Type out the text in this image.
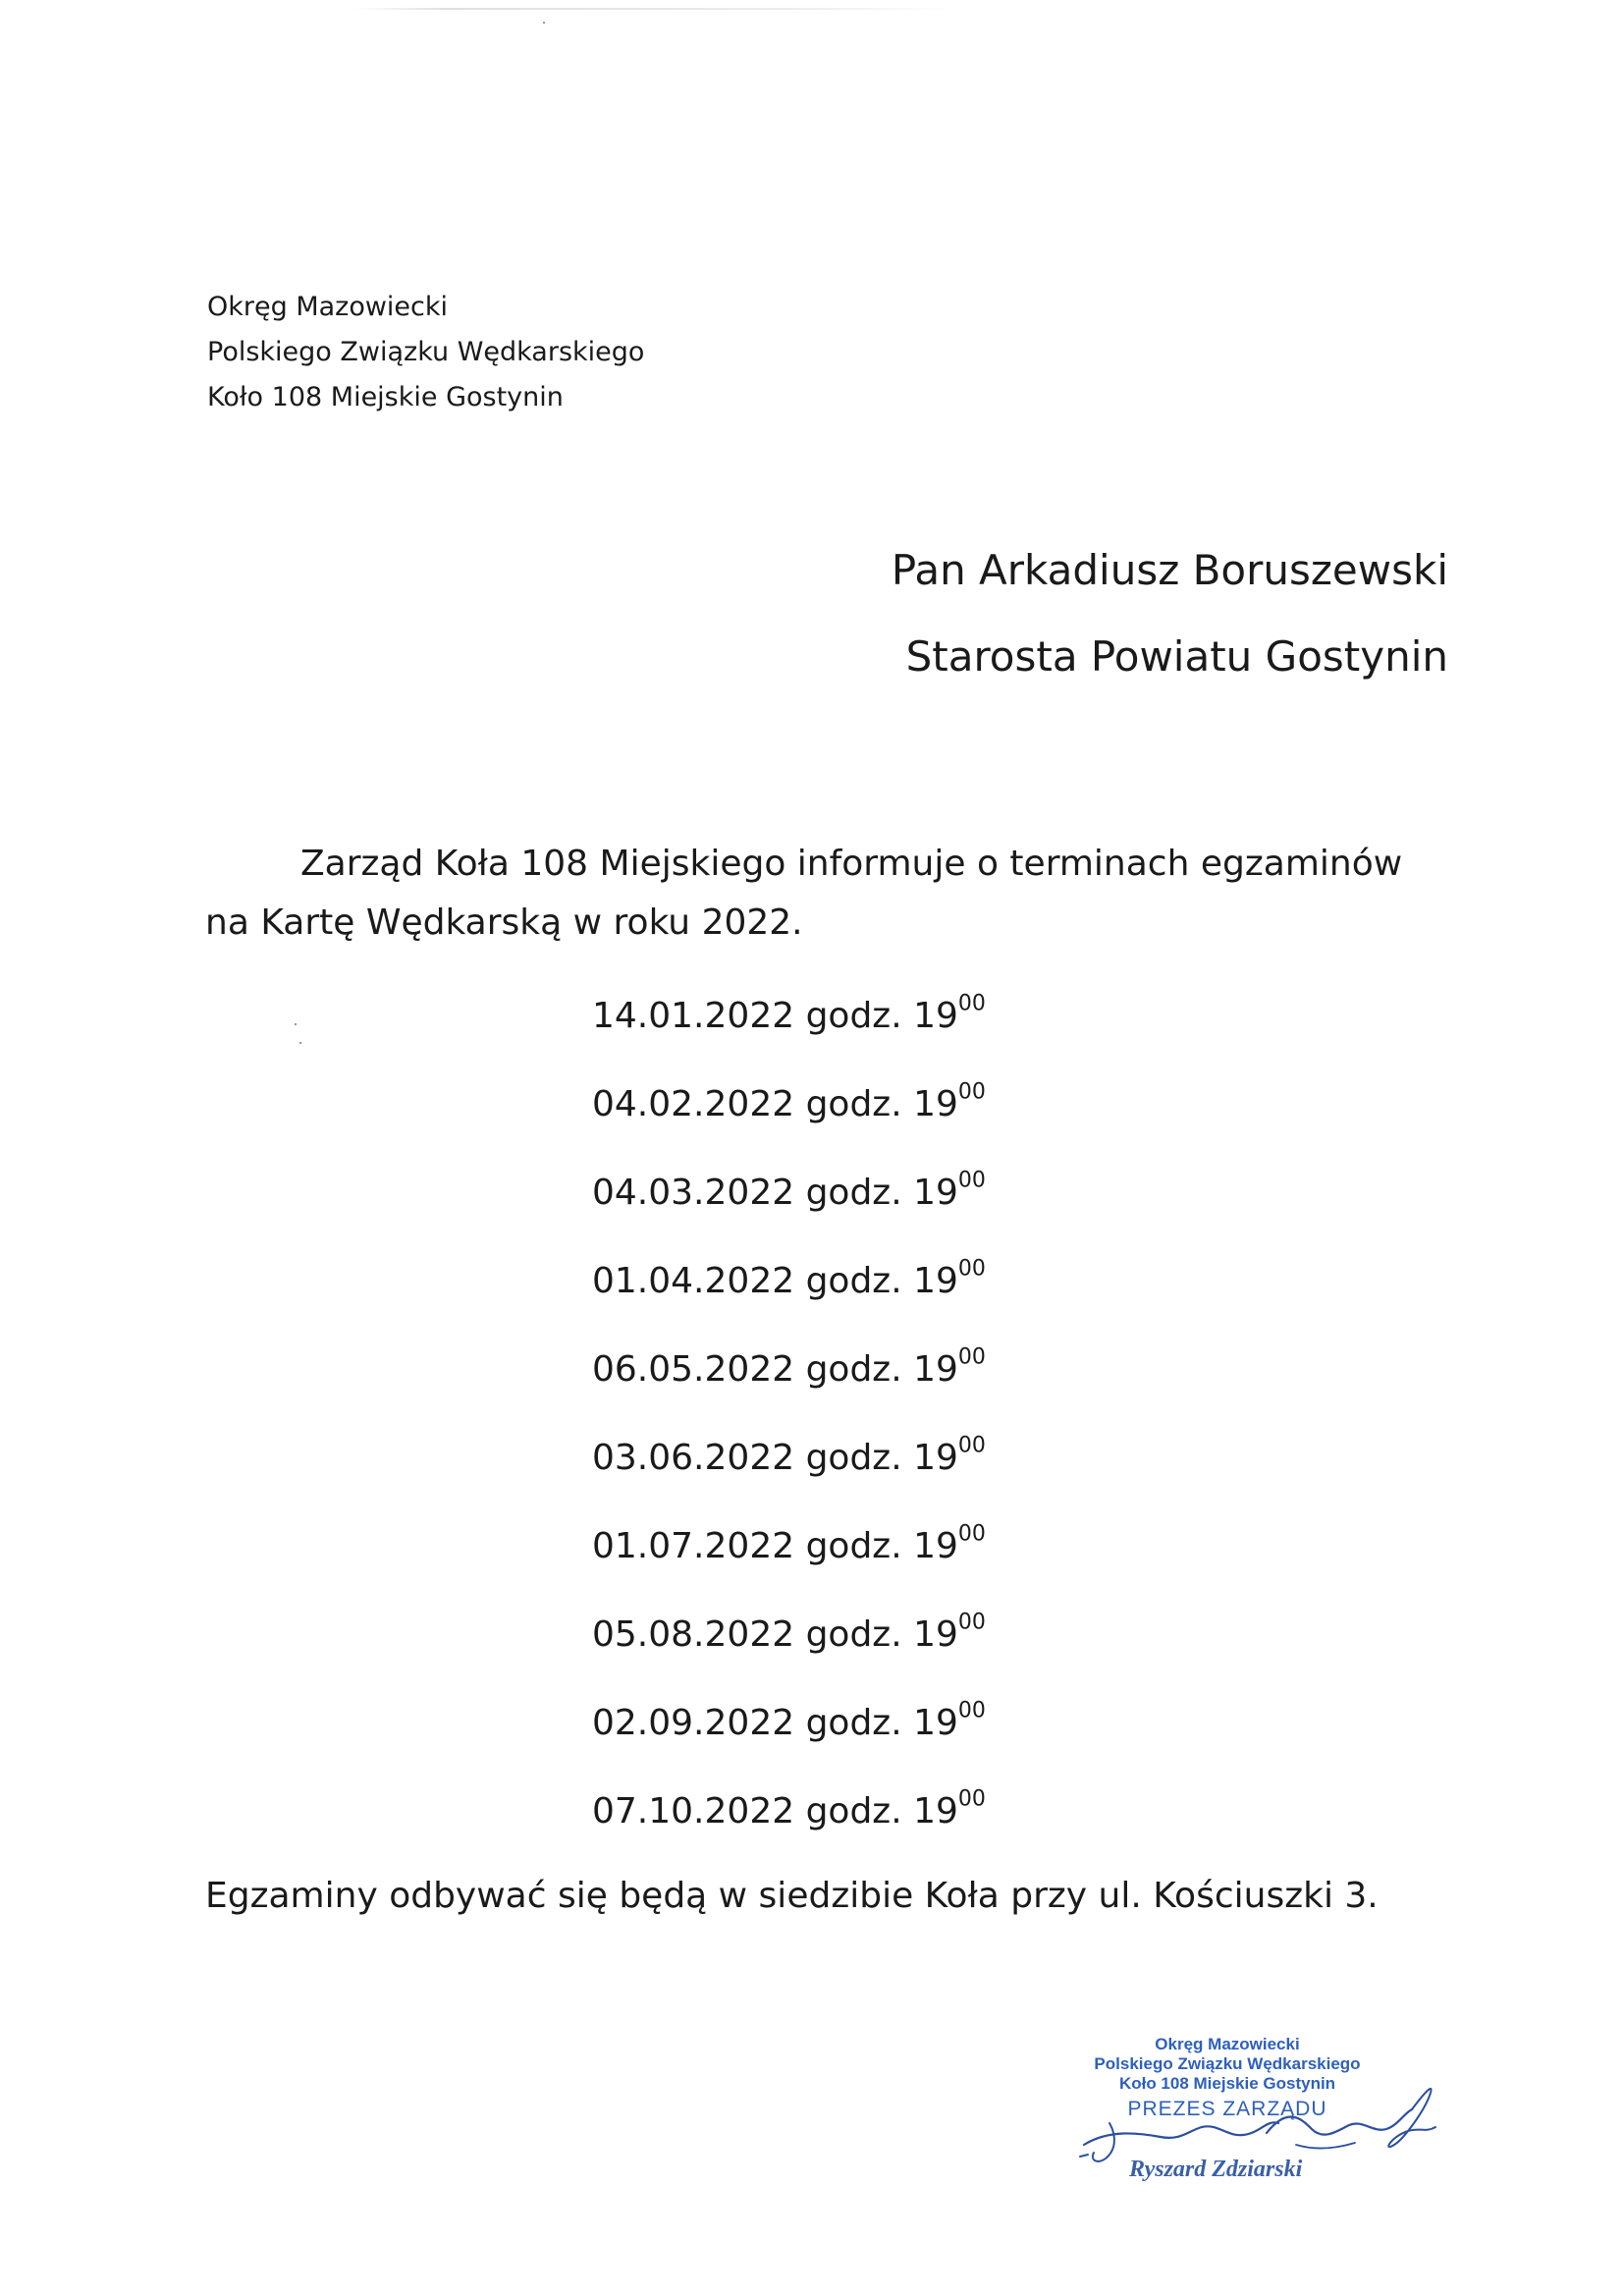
Okręg Mazowiecki
Polskiego Związku Wędkarskiego
Koło 108 Miejskie Gostynin
Pan Arkadiusz Boruszewski
Starosta Powiatu Gostynin
Zarząd Koła 108 Miejskiego informuje o terminach egzaminów
na Kartę Wędkarską w roku 2022.
14.01.2022 godz. $19^{00}$
04.02.2022 godz. $19^{00}$
04.03.2022 godz. $19^{00}$
01.04.2022 godz. $19^{00}$
06.05.2022 godz. $19^{00}$
03.06.2022 godz. $19^{00}$
01.07.2022 godz. $19^{00}$
05.08.2022 godz. $19^{00}$
02.09.2022 godz. $19^{00}$
07.10.2022 godz. $19^{00}$
Egzaminy odbywać się będą w siedzibie Koła przy ul. Kościuszki 3.
Okręg Mazowiecki
Polskiego Związku Wędkarskiego
Koło 108 Miejskie Gostynin
PREZES ZARZĄDU
Ryszard Zdziarski
